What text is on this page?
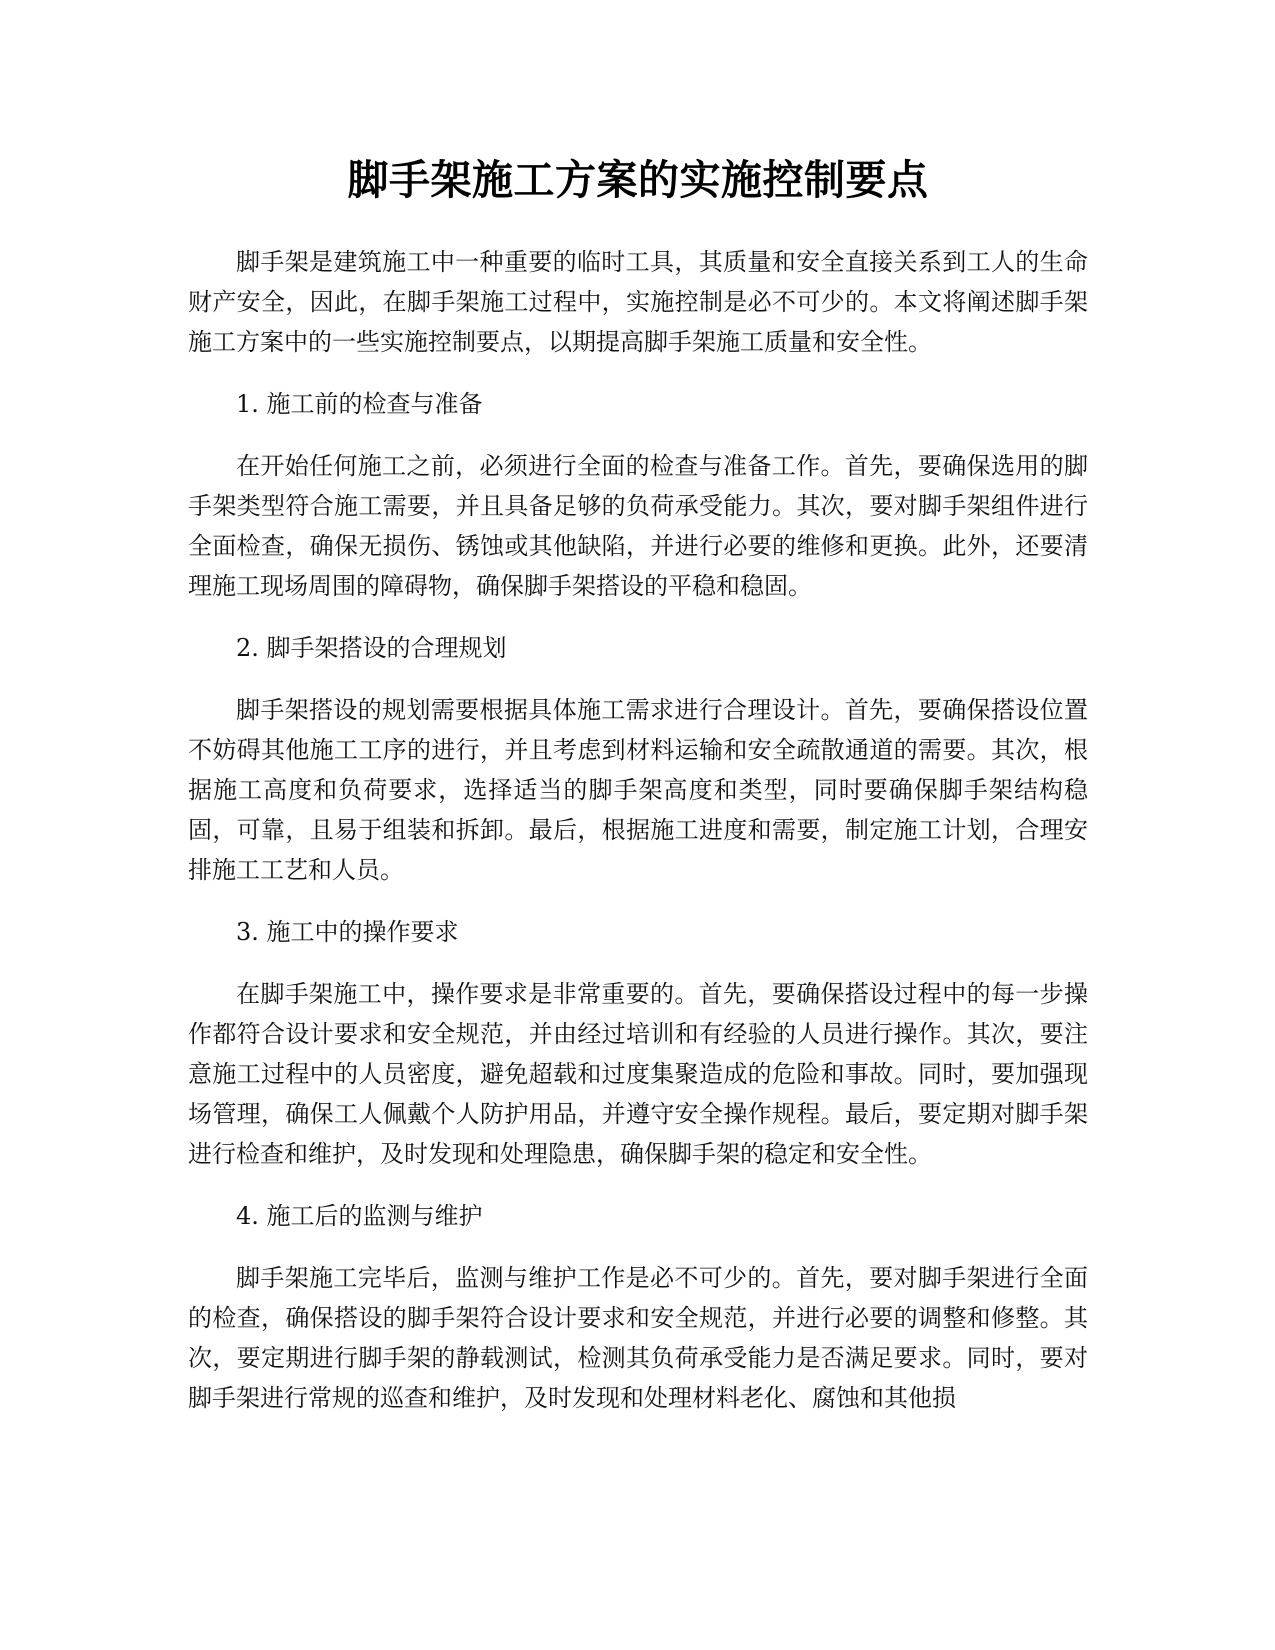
脚手架施工方案的实施控制要点

脚手架是建筑施工中一种重要的临时工具，其质量和安全直接关系到工人的生命财产安全，因此，在脚手架施工过程中，实施控制是必不可少的。本文将阐述脚手架施工方案中的一些实施控制要点，以期提高脚手架施工质量和安全性。

1. 施工前的检查与准备

在开始任何施工之前，必须进行全面的检查与准备工作。首先，要确保选用的脚手架类型符合施工需要，并且具备足够的负荷承受能力。其次，要对脚手架组件进行全面检查，确保无损伤、锈蚀或其他缺陷，并进行必要的维修和更换。此外，还要清理施工现场周围的障碍物，确保脚手架搭设的平稳和稳固。

2. 脚手架搭设的合理规划

脚手架搭设的规划需要根据具体施工需求进行合理设计。首先，要确保搭设位置不妨碍其他施工工序的进行，并且考虑到材料运输和安全疏散通道的需要。其次，根据施工高度和负荷要求，选择适当的脚手架高度和类型，同时要确保脚手架结构稳固，可靠，且易于组装和拆卸。最后，根据施工进度和需要，制定施工计划，合理安排施工工艺和人员。

3. 施工中的操作要求

在脚手架施工中，操作要求是非常重要的。首先，要确保搭设过程中的每一步操作都符合设计要求和安全规范，并由经过培训和有经验的人员进行操作。其次，要注意施工过程中的人员密度，避免超载和过度集聚造成的危险和事故。同时，要加强现场管理，确保工人佩戴个人防护用品，并遵守安全操作规程。最后，要定期对脚手架进行检查和维护，及时发现和处理隐患，确保脚手架的稳定和安全性。

4. 施工后的监测与维护

脚手架施工完毕后，监测与维护工作是必不可少的。首先，要对脚手架进行全面的检查，确保搭设的脚手架符合设计要求和安全规范，并进行必要的调整和修整。其次，要定期进行脚手架的静载测试，检测其负荷承受能力是否满足要求。同时，要对脚手架进行常规的巡查和维护，及时发现和处理材料老化、腐蚀和其他损
